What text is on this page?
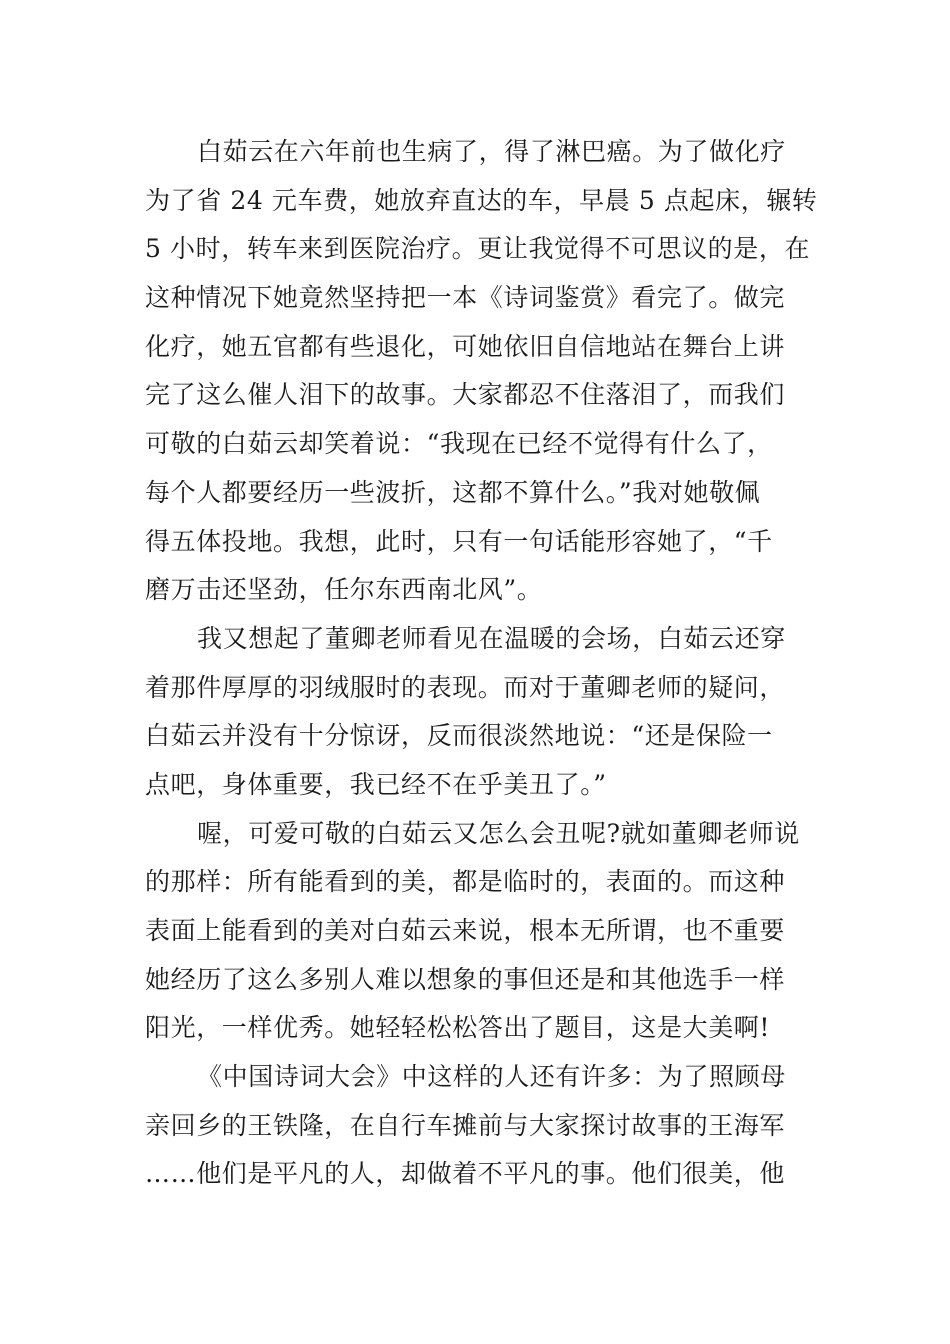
白茹云在六年前也生病了，得了淋巴癌。为了做化疗
为了省 24 元车费，她放弃直达的车，早晨 5 点起床，辗转
5 小时，转车来到医院治疗。更让我觉得不可思议的是，在
这种情况下她竟然坚持把一本《诗词鉴赏》看完了。做完
化疗，她五官都有些退化，可她依旧自信地站在舞台上讲
完了这么催人泪下的故事。大家都忍不住落泪了，而我们
可敬的白茹云却笑着说：“我现在已经不觉得有什么了，
每个人都要经历一些波折，这都不算什么。”我对她敬佩
得五体投地。我想，此时，只有一句话能形容她了，“千
磨万击还坚劲，任尔东西南北风”。
我又想起了董卿老师看见在温暖的会场，白茹云还穿
着那件厚厚的羽绒服时的表现。而对于董卿老师的疑问，
白茹云并没有十分惊讶，反而很淡然地说：“还是保险一
点吧，身体重要，我已经不在乎美丑了。”
喔，可爱可敬的白茹云又怎么会丑呢?就如董卿老师说
的那样：所有能看到的美，都是临时的，表面的。而这种
表面上能看到的美对白茹云来说，根本无所谓，也不重要
她经历了这么多别人难以想象的事但还是和其他选手一样
阳光，一样优秀。她轻轻松松答出了题目，这是大美啊!
《中国诗词大会》中这样的人还有许多：为了照顾母
亲回乡的王铁隆，在自行车摊前与大家探讨故事的王海军
……他们是平凡的人，却做着不平凡的事。他们很美，他
